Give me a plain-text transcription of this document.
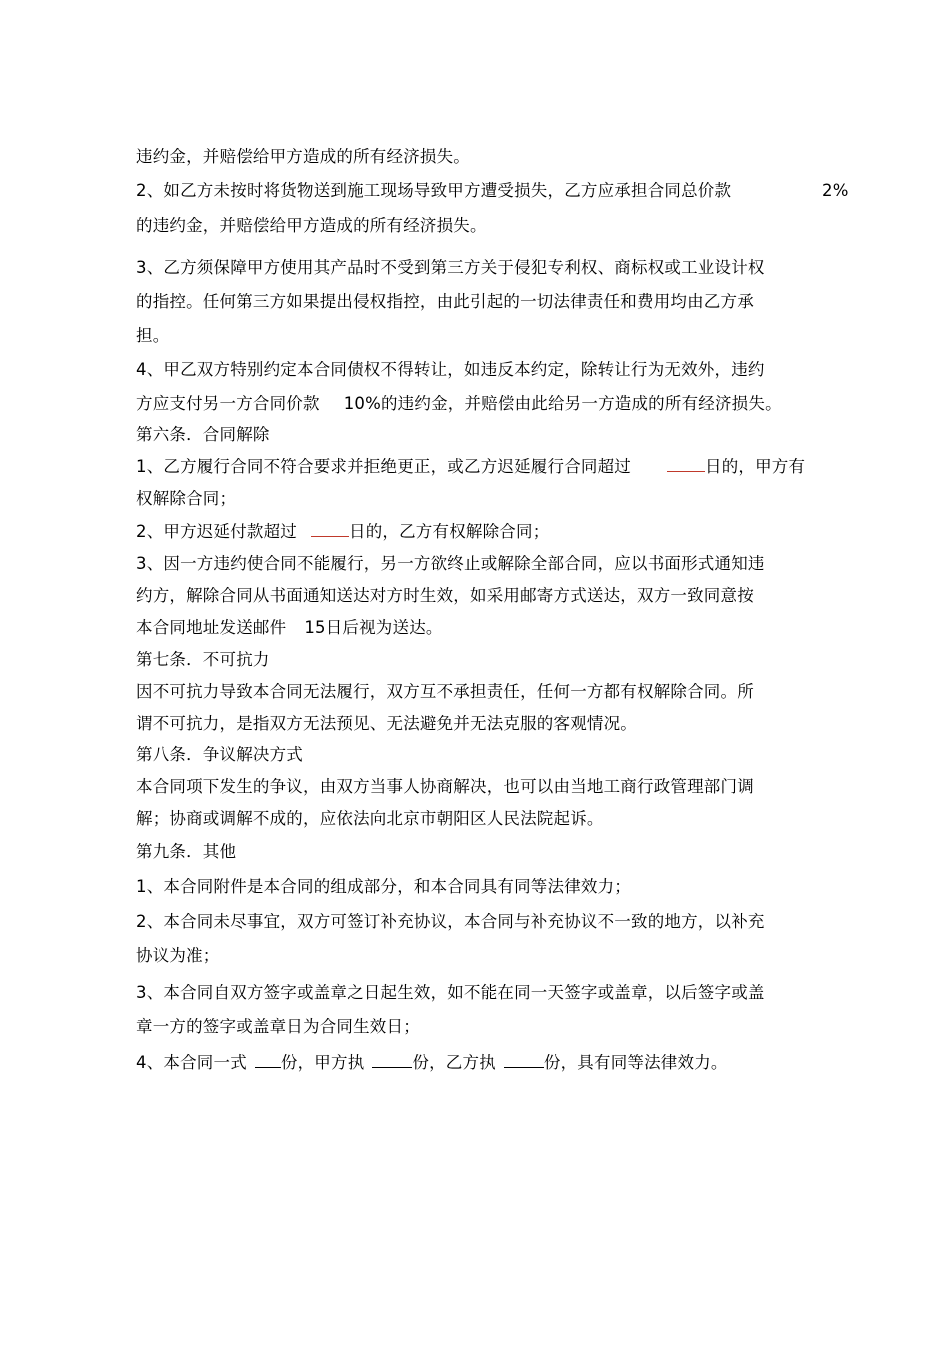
违约金，并赔偿给甲方造成的所有经济损失。
2、如乙方未按时将货物送到施工现场导致甲方遭受损失，乙方应承担合同总价款	2%
的违约金，并赔偿给甲方造成的所有经济损失。
3、乙方须保障甲方使用其产品时不受到第三方关于侵犯专利权、商标权或工业设计权
的指控。任何第三方如果提出侵权指控，由此引起的一切法律责任和费用均由乙方承
担。
4、甲乙双方特别约定本合同债权不得转让，如违反本约定，除转让行为无效外，违约
方应支付另一方合同价款 10%的违约金，并赔偿由此给另一方造成的所有经济损失。
第六条．合同解除
1、乙方履行合同不符合要求并拒绝更正，或乙方迟延履行合同超过	日的，甲方有
权解除合同；
2、甲方迟延付款超过	日的，乙方有权解除合同；
3、因一方违约使合同不能履行，另一方欲终止或解除全部合同，应以书面形式通知违
约方，解除合同从书面通知送达对方时生效，如采用邮寄方式送达，双方一致同意按
本合同地址发送邮件 15日后视为送达。
第七条．不可抗力
因不可抗力导致本合同无法履行，双方互不承担责任，任何一方都有权解除合同。所
谓不可抗力，是指双方无法预见、无法避免并无法克服的客观情况。
第八条．争议解决方式
本合同项下发生的争议，由双方当事人协商解决，也可以由当地工商行政管理部门调
解；协商或调解不成的，应依法向北京市朝阳区人民法院起诉。
第九条．其他
1、本合同附件是本合同的组成部分，和本合同具有同等法律效力；
2、本合同未尽事宜，双方可签订补充协议，本合同与补充协议不一致的地方，以补充
协议为准；
3、本合同自双方签字或盖章之日起生效，如不能在同一天签字或盖章，以后签字或盖
章一方的签字或盖章日为合同生效日；
4、本合同一式 份，甲方执	份，乙方执	份，具有同等法律效力。
